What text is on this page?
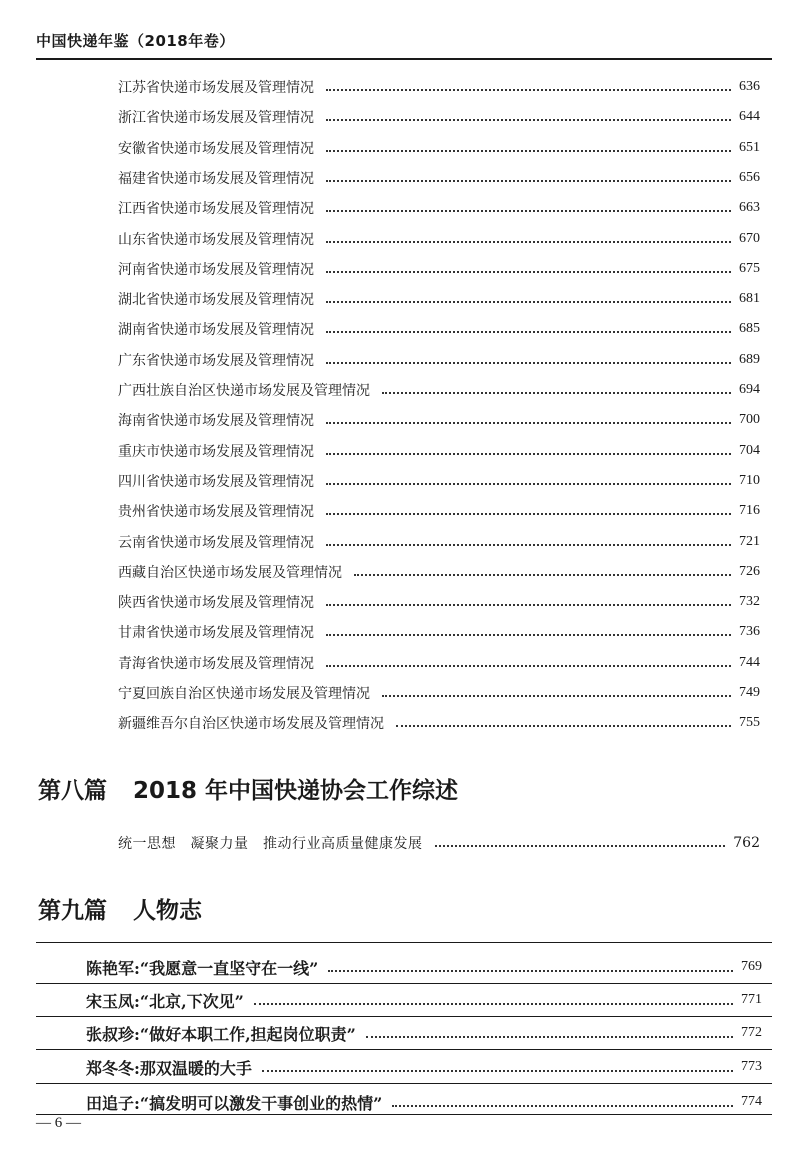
中国快递年鉴（2018年卷）
江苏省快递市场发展及管理情况	636
浙江省快递市场发展及管理情况	644
安徽省快递市场发展及管理情况	651
福建省快递市场发展及管理情况	656
江西省快递市场发展及管理情况	663
山东省快递市场发展及管理情况	670
河南省快递市场发展及管理情况	675
湖北省快递市场发展及管理情况	681
湖南省快递市场发展及管理情况	685
广东省快递市场发展及管理情况	689
广西壮族自治区快递市场发展及管理情况	694
海南省快递市场发展及管理情况	700
重庆市快递市场发展及管理情况	704
四川省快递市场发展及管理情况	710
贵州省快递市场发展及管理情况	716
云南省快递市场发展及管理情况	721
西藏自治区快递市场发展及管理情况	726
陕西省快递市场发展及管理情况	732
甘肃省快递市场发展及管理情况	736
青海省快递市场发展及管理情况	744
宁夏回族自治区快递市场发展及管理情况	749
新疆维吾尔自治区快递市场发展及管理情况	755
第八篇 2018 年中国快递协会工作综述
统一思想　凝聚力量　推动行业高质量健康发展	762
第九篇 人物志
陈艳军:“我愿意一直坚守在一线”	769
宋玉凤:“北京,下次见”	771
张叔珍:“做好本职工作,担起岗位职责”	772
郑冬冬:那双温暖的大手	773
田追子:“搞发明可以激发干事创业的热情”	774
— 6 —
